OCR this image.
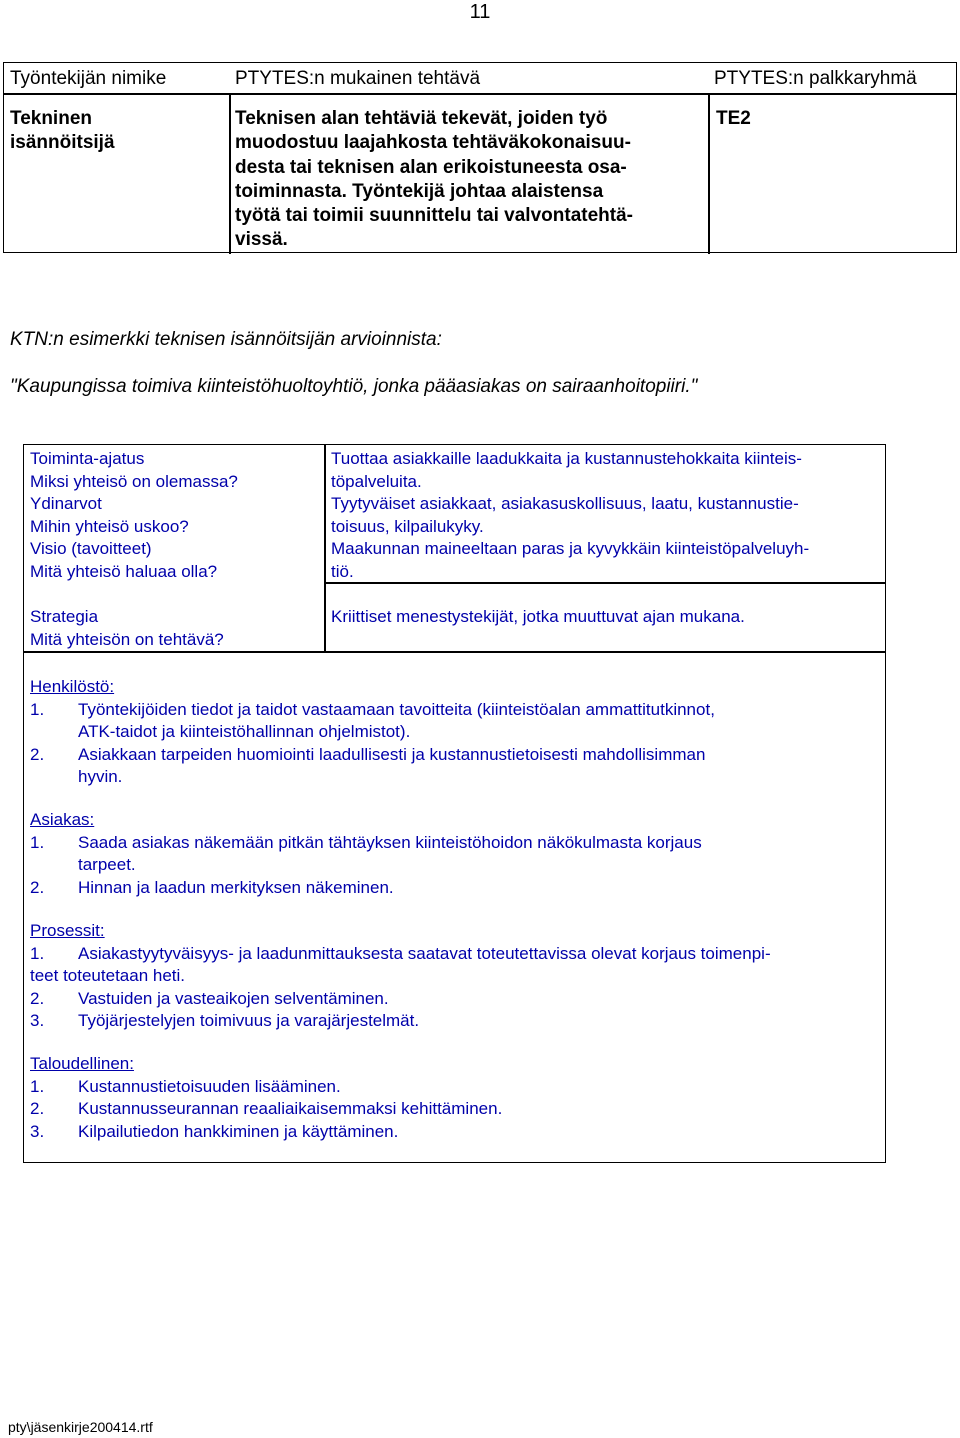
11
Työntekijän nimike	PTYTES:n mukainen tehtävä	PTYTES:n palkkaryhmä
Tekninen
isännöitsijä
Teknisen alan tehtäviä tekevät, joiden työ
muodostuu laajahkosta tehtäväkokonaisuu-
desta tai teknisen alan erikoistuneesta osa-
toiminnasta. Työntekijä johtaa alaistensa
työtä tai toimii suunnittelu tai valvontatehtä-
vissä.
TE2
KTN:n esimerkki teknisen isännöitsijän arvioinnista:
"Kaupungissa toimiva kiinteistöhuoltoyhtiö, jonka pääasiakas on sairaanhoitopiiri."
Toiminta-ajatus
Miksi yhteisö on olemassa?
Ydinarvot
Mihin yhteisö uskoo?
Visio (tavoitteet)
Mitä yhteisö haluaa olla?
Strategia
Mitä yhteisön on tehtävä?
Tuottaa asiakkaille laadukkaita ja kustannustehokkaita kiinteis-
töpalveluita.
Tyytyväiset asiakkaat, asiakasuskollisuus, laatu, kustannustie-
toisuus, kilpailukyky.
Maakunnan maineeltaan paras ja kyvykkäin kiinteistöpalveluyh-
tiö.
Kriittiset menestystekijät, jotka muuttuvat ajan mukana.
Henkilöstö:
1. Työntekijöiden tiedot ja taidot vastaamaan tavoitteita (kiinteistöalan ammattitutkinnot,
ATK-taidot ja kiinteistöhallinnan ohjelmistot).
2. Asiakkaan tarpeiden huomiointi laadullisesti ja kustannustietoisesti mahdollisimman
hyvin.
Asiakas:
1. Saada asiakas näkemään pitkän tähtäyksen kiinteistöhoidon näkökulmasta korjaus
tarpeet.
2. Hinnan ja laadun merkityksen näkeminen.
Prosessit:
1. Asiakastyytyväisyys- ja laadunmittauksesta saatavat toteutettavissa olevat korjaus toimenpi-
teet toteutetaan heti.
2. Vastuiden ja vasteaikojen selventäminen.
3. Työjärjestelyjen toimivuus ja varajärjestelmät.
Taloudellinen:
1. Kustannustietoisuuden lisääminen.
2. Kustannusseurannan reaaliaikaisemmaksi kehittäminen.
3. Kilpailutiedon hankkiminen ja käyttäminen.
pty\jäsenkirje200414.rtf
